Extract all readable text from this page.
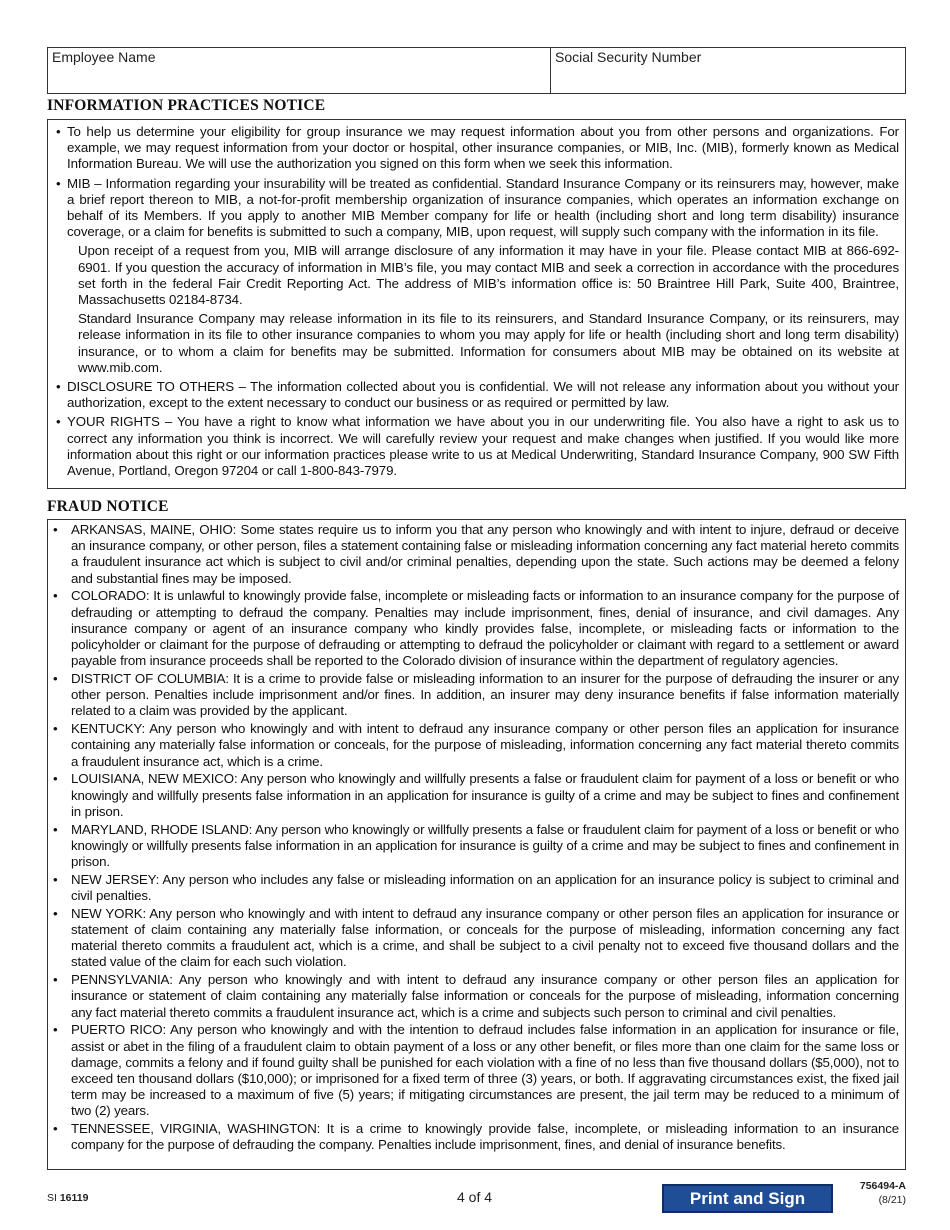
Employee Name	Social Security Number
INFORMATION PRACTICES NOTICE
• To help us determine your eligibility for group insurance we may request information about you from other persons and organizations. For example, we may request information from your doctor or hospital, other insurance companies, or MIB, Inc. (MIB), formerly known as Medical Information Bureau. We will use the authorization you signed on this form when we seek this information.
• MIB – Information regarding your insurability will be treated as confidential. Standard Insurance Company or its reinsurers may, however, make a brief report thereon to MIB, a not-for-profit membership organization of insurance companies, which operates an information exchange on behalf of its Members. If you apply to another MIB Member company for life or health (including short and long term disability) insurance coverage, or a claim for benefits is submitted to such a company, MIB, upon request, will supply such company with the information in its file.

Upon receipt of a request from you, MIB will arrange disclosure of any information it may have in your file. Please contact MIB at 866-692-6901. If you question the accuracy of information in MIB’s file, you may contact MIB and seek a correction in accordance with the procedures set forth in the federal Fair Credit Reporting Act. The address of MIB’s information office is: 50 Braintree Hill Park, Suite 400, Braintree, Massachusetts 02184-8734.

Standard Insurance Company may release information in its file to its reinsurers, and Standard Insurance Company, or its reinsurers, may release information in its file to other insurance companies to whom you may apply for life or health (including short and long term disability) insurance, or to whom a claim for benefits may be submitted. Information for consumers about MIB may be obtained on its website at www.mib.com.

• DISCLOSURE TO OTHERS – The information collected about you is confidential. We will not release any information about you without your authorization, except to the extent necessary to conduct our business or as required or permitted by law.
• YOUR RIGHTS – You have a right to know what information we have about you in our underwriting file. You also have a right to ask us to correct any information you think is incorrect. We will carefully review your request and make changes when justified. If you would like more information about this right or our information practices please write to us at Medical Underwriting, Standard Insurance Company, 900 SW Fifth Avenue, Portland, Oregon 97204 or call 1-800-843-7979.
FRAUD NOTICE
• ARKANSAS, MAINE, OHIO: Some states require us to inform you that any person who knowingly and with intent to injure, defraud or deceive an insurance company, or other person, files a statement containing false or misleading information concerning any fact material hereto commits a fraudulent insurance act which is subject to civil and/or criminal penalties, depending upon the state. Such actions may be deemed a felony and substantial fines may be imposed.
• COLORADO: It is unlawful to knowingly provide false, incomplete or misleading facts or information to an insurance company for the purpose of defrauding or attempting to defraud the company. Penalties may include imprisonment, fines, denial of insurance, and civil damages. Any insurance company or agent of an insurance company who kindly provides false, incomplete, or misleading facts or information to the policyholder or claimant for the purpose of defrauding or attempting to defraud the policyholder or claimant with regard to a settlement or award payable from insurance proceeds shall be reported to the Colorado division of insurance within the department of regulatory agencies.
• DISTRICT OF COLUMBIA: It is a crime to provide false or misleading information to an insurer for the purpose of defrauding the insurer or any other person. Penalties include imprisonment and/or fines. In addition, an insurer may deny insurance benefits if false information materially related to a claim was provided by the applicant.
• KENTUCKY: Any person who knowingly and with intent to defraud any insurance company or other person files an application for insurance containing any materially false information or conceals, for the purpose of misleading, information concerning any fact material thereto commits a fraudulent insurance act, which is a crime.
• LOUISIANA, NEW MEXICO: Any person who knowingly and willfully presents a false or fraudulent claim for payment of a loss or benefit or who knowingly and willfully presents false information in an application for insurance is guilty of a crime and may be subject to fines and confinement in prison.
• MARYLAND, RHODE ISLAND: Any person who knowingly or willfully presents a false or fraudulent claim for payment of a loss or benefit or who knowingly or willfully presents false information in an application for insurance is guilty of a crime and may be subject to fines and confinement in prison.
• NEW JERSEY: Any person who includes any false or misleading information on an application for an insurance policy is subject to criminal and civil penalties.
• NEW YORK: Any person who knowingly and with intent to defraud any insurance company or other person files an application for insurance or statement of claim containing any materially false information, or conceals for the purpose of misleading, information concerning any fact material thereto commits a fraudulent act, which is a crime, and shall be subject to a civil penalty not to exceed five thousand dollars and the stated value of the claim for each such violation.
• PENNSYLVANIA: Any person who knowingly and with intent to defraud any insurance company or other person files an application for insurance or statement of claim containing any materially false information or conceals for the purpose of misleading, information concerning any fact material thereto commits a fraudulent insurance act, which is a crime and subjects such person to criminal and civil penalties.
• PUERTO RICO: Any person who knowingly and with the intention to defraud includes false information in an application for insurance or file, assist or abet in the filing of a fraudulent claim to obtain payment of a loss or any other benefit, or files more than one claim for the same loss or damage, commits a felony and if found guilty shall be punished for each violation with a fine of no less than five thousand dollars ($5,000), not to exceed ten thousand dollars ($10,000); or imprisoned for a fixed term of three (3) years, or both. If aggravating circumstances exist, the fixed jail term may be increased to a maximum of five (5) years; if mitigating circumstances are present, the jail term may be reduced to a minimum of two (2) years.
• TENNESSEE, VIRGINIA, WASHINGTON: It is a crime to knowingly provide false, incomplete, or misleading information to an insurance company for the purpose of defrauding the company. Penalties include imprisonment, fines, and denial of insurance benefits.
SI 16119	4 of 4	Print and Sign
756494-A
(8/21)
